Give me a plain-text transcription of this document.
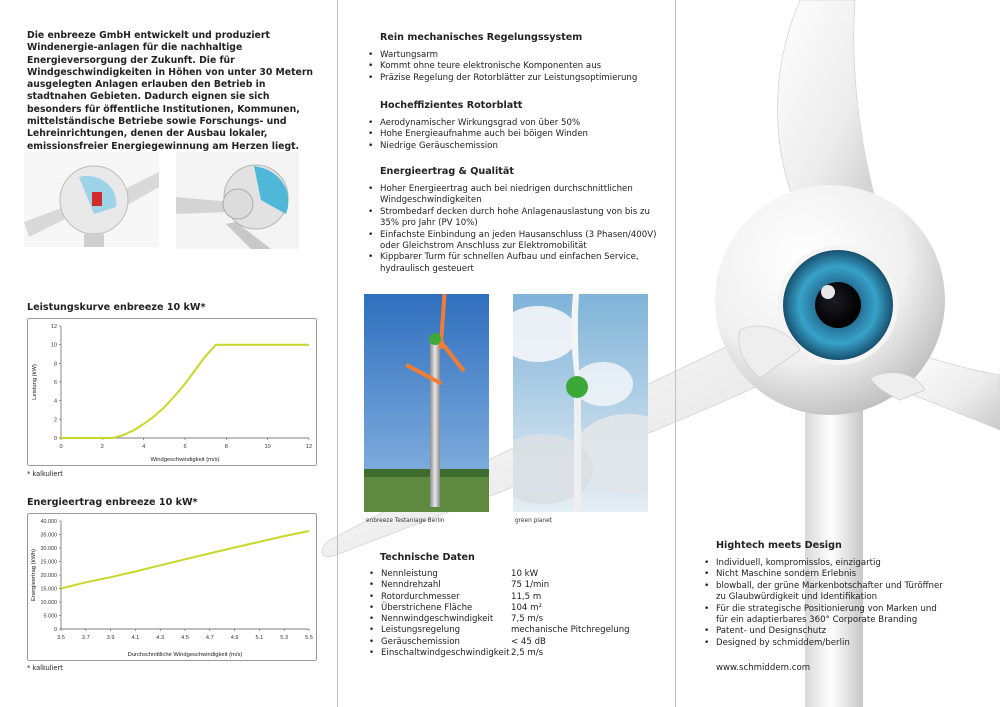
Die enbreeze GmbH entwickelt und produziert Windenergie-anlagen für die nachhaltige Energieversorgung der Zukunft. Die für Windgeschwindigkeiten in Höhen von unter 30 Metern ausgelegten Anlagen erlauben den Betrieb in stadtnahen Gebieten. Dadurch eignen sie sich besonders für öffentliche Institutionen, Kommunen, mittelständische Betriebe sowie Forschungs- und Lehreinrichtungen, denen der Ausbau lokaler, emissionsfreier Energiegewinnung am Herzen liegt.
Leistungskurve enbreeze 10 kW*
0	2	4	6	8	10	12
0
2
4
6
8
10
12
Windgeschwindigkeit (m/s)
Leistung (kW)
* kalkuliert
Energieertrag enbreeze 10 kW*
3.5	3.7	3.9	4.1	4.3	4.5	4.7	4.9	5.1	5.3	5.5
0
5.000
10.000
15.000
20.000
25.000
30.000
35.000
40.000
Durchschnittliche Windgeschwindigkeit (m/s)
Energieertrag (kWh)
* kalkuliert
Rein mechanisches Regelungssystem
• Wartungsarm
• Kommt ohne teure elektronische Komponenten aus
• Präzise Regelung der Rotorblätter zur Leistungsoptimierung
Hocheffizientes Rotorblatt
• Aerodynamischer Wirkungsgrad von über 50%
• Hohe Energieaufnahme auch bei böigen Winden
• Niedrige Geräuschemission
Energieertrag & Qualität
• Hoher Energieertrag auch bei niedrigen durchschnittlichen Windgeschwindigkeiten
• Strombedarf decken durch hohe Anlagenauslastung von bis zu 35% pro Jahr (PV 10%)
• Einfachste Einbindung an jeden Hausanschluss (3 Phasen/400V) oder Gleichstrom Anschluss zur Elektromobilität
• Kippbarer Turm für schnellen Aufbau und einfachen Service, hydraulisch gesteuert
enbreeze Testanlage Berlin	green planet
Technische Daten
• Nennleistung	10 kW
• Nenndrehzahl	75 1/min
• Rotordurchmesser	11,5 m
• Überstrichene Fläche	104 m²
• Nennwindgeschwindigkeit	7,5 m/s
• Leistungsregelung	mechanische Pitchregelung
• Geräuschemission	< 45 dB
• Einschaltwindgeschwindigkeit	2,5 m/s
Hightech meets Design
• Individuell, kompromisslos, einzigartig
• Nicht Maschine sondern Erlebnis
• blowball, der grüne Markenbotschafter und Türöffner zu Glaubwürdigkeit und Identifikation
• Für die strategische Positionierung von Marken und für ein adaptierbares 360° Corporate Branding
• Patent- und Designschutz
• Designed by schmiddem/berlin
www.schmiddem.com
